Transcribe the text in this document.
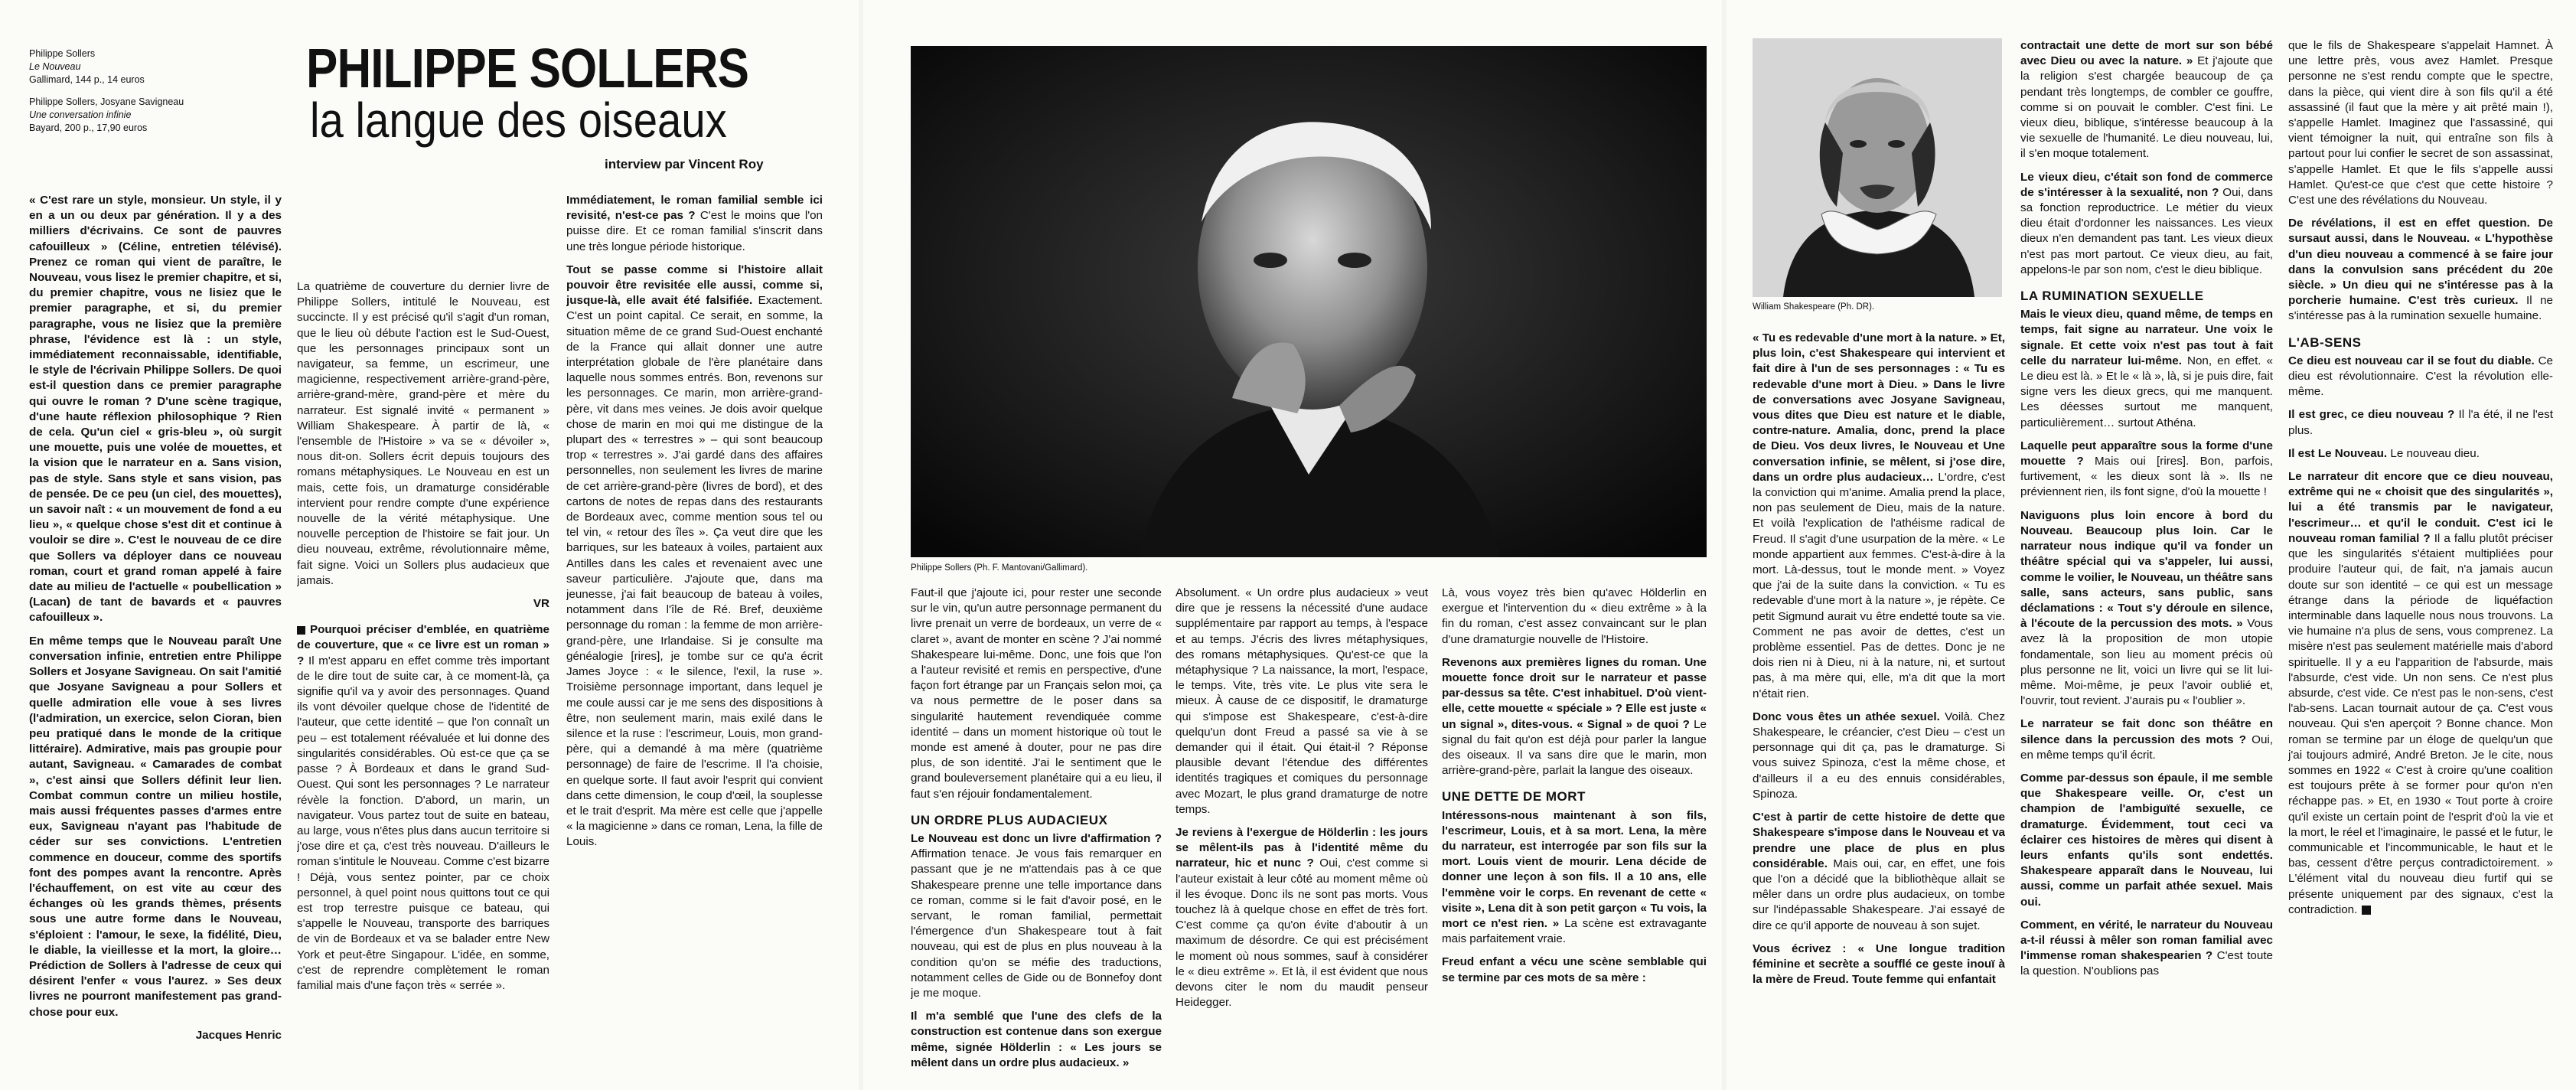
Philippe Sollers
Le Nouveau
Gallimard, 144 p., 14 euros

Philippe Sollers, Josyane Savigneau
Une conversation infinie
Bayard, 200 p., 17,90 euros

PHILIPPE SOLLERS
la langue des oiseaux
interview par Vincent Roy

« C'est rare un style, monsieur. Un style, il y en a un ou deux par génération. Il y a des milliers d'écrivains. Ce sont de pauvres cafouilleux » (Céline, entretien télévisé). Prenez ce roman qui vient de paraître, le Nouveau, vous lisez le premier chapitre, et si, du premier chapitre, vous ne lisiez que le premier paragraphe, et si, du premier paragraphe, vous ne lisiez que la première phrase, l'évidence est là : un style, immédiatement reconnaissable, identifiable, le style de l'écrivain Philippe Sollers. De quoi est-il question dans ce premier paragraphe qui ouvre le roman ? D'une scène tragique, d'une haute réflexion philosophique ? Rien de cela. Qu'un ciel « gris-bleu », où surgit une mouette, puis une volée de mouettes, et la vision que le narrateur en a. Sans vision, pas de style. Sans style et sans vision, pas de pensée. De ce peu (un ciel, des mouettes), un savoir naît : « un mouvement de fond a eu lieu », « quelque chose s'est dit et continue à vouloir se dire ». C'est le nouveau de ce dire que Sollers va déployer dans ce nouveau roman, court et grand roman appelé à faire date au milieu de l'actuelle « poubellication » (Lacan) de tant de bavards et « pauvres cafouilleux ».

En même temps que le Nouveau paraît Une conversation infinie, entretien entre Philippe Sollers et Josyane Savigneau. On sait l'amitié que Josyane Savigneau a pour Sollers et quelle admiration elle voue à ses livres (l'admiration, un exercice, selon Cioran, bien peu pratiqué dans le monde de la critique littéraire). Admirative, mais pas groupie pour autant, Savigneau. « Camarades de combat », c'est ainsi que Sollers définit leur lien. Combat commun contre un milieu hostile, mais aussi fréquentes passes d'armes entre eux, Savigneau n'ayant pas l'habitude de céder sur ses convictions. L'entretien commence en douceur, comme des sportifs font des pompes avant la rencontre. Après l'échauffement, on est vite au cœur des échanges où les grands thèmes, présents sous une autre forme dans le Nouveau, s'éploient : l'amour, le sexe, la fidélité, Dieu, le diable, la vieillesse et la mort, la gloire… Prédiction de Sollers à l'adresse de ceux qui désirent l'enfer « vous l'aurez. » Ses deux livres ne pourront manifestement pas grand-chose pour eux.

Jacques Henric

La quatrième de couverture du dernier livre de Philippe Sollers, intitulé le Nouveau, est succincte. Il y est précisé qu'il s'agit d'un roman, que le lieu où débute l'action est le Sud-Ouest, que les personnages principaux sont un navigateur, sa femme, un escrimeur, une magicienne, respectivement arrière-grand-père, arrière-grand-mère, grand-père et mère du narrateur. Est signalé invité « permanent » William Shakespeare. À partir de là, « l'ensemble de l'Histoire » va se « dévoiler », nous dit-on. Sollers écrit depuis toujours des romans métaphysiques. Le Nouveau en est un mais, cette fois, un dramaturge considérable intervient pour rendre compte d'une expérience nouvelle de la vérité métaphysique. Une nouvelle perception de l'histoire se fait jour. Un dieu nouveau, extrême, révolutionnaire même, fait signe. Voici un Sollers plus audacieux que jamais.

VR

Pourquoi préciser d'emblée, en quatrième de couverture, que « ce livre est un roman » ? Il m'est apparu en effet comme très important de le dire tout de suite car, à ce moment-là, ça signifie qu'il va y avoir des personnages. Quand ils vont dévoiler quelque chose de l'identité de l'auteur, que cette identité – que l'on connaît un peu – est totalement réévaluée et lui donne des singularités considérables. Où est-ce que ça se passe ? À Bordeaux et dans le grand Sud-Ouest. Qui sont les personnages ? Le narrateur révèle la fonction. D'abord, un marin, un navigateur. Vous partez tout de suite en bateau, au large, vous n'êtes plus dans aucun territoire si j'ose dire et ça, c'est très nouveau. D'ailleurs le roman s'intitule le Nouveau. Comme c'est bizarre ! Déjà, vous sentez pointer, par ce choix personnel, à quel point nous quittons tout ce qui est trop terrestre puisque ce bateau, qui s'appelle le Nouveau, transporte des barriques de vin de Bordeaux et va se balader entre New York et peut-être Singapour. L'idée, en somme, c'est de reprendre complètement le roman familial mais d'une façon très « serrée ».

Immédiatement, le roman familial semble ici revisité, n'est-ce pas ? C'est le moins que l'on puisse dire. Et ce roman familial s'inscrit dans une très longue période historique.

Tout se passe comme si l'histoire allait pouvoir être revisitée elle aussi, comme si, jusque-là, elle avait été falsifiée. Exactement. C'est un point capital. Ce serait, en somme, la situation même de ce grand Sud-Ouest enchanté de la France qui allait donner une autre interprétation globale de l'ère planétaire dans laquelle nous sommes entrés. Bon, revenons sur les personnages. Ce marin, mon arrière-grand-père, vit dans mes veines. Je dois avoir quelque chose de marin en moi qui me distingue de la plupart des « terrestres » – qui sont beaucoup trop « terrestres ». J'ai gardé dans des affaires personnelles, non seulement les livres de marine de cet arrière-grand-père (livres de bord), et des cartons de notes de repas dans des restaurants de Bordeaux avec, comme mention sous tel ou tel vin, « retour des îles ». Ça veut dire que les barriques, sur les bateaux à voiles, partaient aux Antilles dans les cales et revenaient avec une saveur particulière. J'ajoute que, dans ma jeunesse, j'ai fait beaucoup de bateau à voiles, notamment dans l'île de Ré. Bref, deuxième personnage du roman : la femme de mon arrière-grand-père, une Irlandaise. Si je consulte ma généalogie [rires], je tombe sur ce qu'a écrit James Joyce : « le silence, l'exil, la ruse ». Troisième personnage important, dans lequel je me coule aussi car je me sens des dispositions à être, non seulement marin, mais exilé dans le silence et la ruse : l'escrimeur, Louis, mon grand-père, qui a demandé à ma mère (quatrième personnage) de faire de l'escrime. Il l'a choisie, en quelque sorte. Il faut avoir l'esprit qui convient dans cette dimension, le coup d'œil, la souplesse et le trait d'esprit. Ma mère est celle que j'appelle « la magicienne » dans ce roman, Lena, la fille de Louis.

Philippe Sollers (Ph. F. Mantovani/Gallimard).

Faut-il que j'ajoute ici, pour rester une seconde sur le vin, qu'un autre personnage permanent du livre prenait un verre de bordeaux, un verre de « claret », avant de monter en scène ? J'ai nommé Shakespeare lui-même. Donc, une fois que l'on a l'auteur revisité et remis en perspective, d'une façon fort étrange par un Français selon moi, ça va nous permettre de le poser dans sa singularité hautement revendiquée comme identité – dans un moment historique où tout le monde est amené à douter, pour ne pas dire plus, de son identité. J'ai le sentiment que le grand bouleversement planétaire qui a eu lieu, il faut s'en réjouir fondamentalement.

UN ORDRE PLUS AUDACIEUX

Le Nouveau est donc un livre d'affirmation ? Affirmation tenace. Je vous fais remarquer en passant que je ne m'attendais pas à ce que Shakespeare prenne une telle importance dans ce roman, comme si le fait d'avoir posé, en le servant, le roman familial, permettait l'émergence d'un Shakespeare tout à fait nouveau, qui est de plus en plus nouveau à la condition qu'on se méfie des traductions, notamment celles de Gide ou de Bonnefoy dont je me moque.

Il m'a semblé que l'une des clefs de la construction est contenue dans son exergue même, signée Hölderlin : « Les jours se mêlent dans un ordre plus audacieux. »

Absolument. « Un ordre plus audacieux » veut dire que je ressens la nécessité d'une audace supplémentaire par rapport au temps, à l'espace et au temps. J'écris des livres métaphysiques, des romans métaphysiques. Qu'est-ce que la métaphysique ? La naissance, la mort, l'espace, le temps. Vite, très vite. Le plus vite sera le mieux. À cause de ce dispositif, le dramaturge qui s'impose est Shakespeare, c'est-à-dire quelqu'un dont Freud a passé sa vie à se demander qui il était. Qui était-il ? Réponse plausible devant l'étendue des différentes identités tragiques et comiques du personnage avec Mozart, le plus grand dramaturge de notre temps.

Je reviens à l'exergue de Hölderlin : les jours se mêlent-ils pas à l'identité même du narrateur, hic et nunc ? Oui, c'est comme si l'auteur existait à leur côté au moment même où il les évoque. Donc ils ne sont pas morts. Vous touchez là à quelque chose en effet de très fort. C'est comme ça qu'on évite d'aboutir à un maximum de désordre. Ce qui est précisément le moment où nous sommes, sauf à considérer le « dieu extrême ». Et là, il est évident que nous devons citer le nom du maudit penseur Heidegger.

Là, vous voyez très bien qu'avec Hölderlin en exergue et l'intervention du « dieu extrême » à la fin du roman, c'est assez convaincant sur le plan d'une dramaturgie nouvelle de l'Histoire.

Revenons aux premières lignes du roman. Une mouette fonce droit sur le narrateur et passe par-dessus sa tête. C'est inhabituel. D'où vient-elle, cette mouette « spéciale » ? Elle est juste « un signal », dites-vous. « Signal » de quoi ? Le signal du fait qu'on est déjà pour parler la langue des oiseaux. Il va sans dire que le marin, mon arrière-grand-père, parlait la langue des oiseaux.

UNE DETTE DE MORT

Intéressons-nous maintenant à son fils, l'escrimeur, Louis, et à sa mort. Lena, la mère du narrateur, est interrogée par son fils sur la mort. Louis vient de mourir. Lena décide de donner une leçon à son fils. Il a 10 ans, elle l'emmène voir le corps. En revenant de cette « visite », Lena dit à son petit garçon « Tu vois, la mort ce n'est rien. » La scène est extravagante mais parfaitement vraie.

Freud enfant a vécu une scène semblable qui se termine par ces mots de sa mère :

William Shakespeare (Ph. DR).

« Tu es redevable d'une mort à la nature. » Et, plus loin, c'est Shakespeare qui intervient et fait dire à l'un de ses personnages : « Tu es redevable d'une mort à Dieu. » Dans le livre de conversations avec Josyane Savigneau, vous dites que Dieu est nature et le diable, contre-nature. Amalia, donc, prend la place de Dieu. Vos deux livres, le Nouveau et Une conversation infinie, se mêlent, si j'ose dire, dans un ordre plus audacieux… L'ordre, c'est la conviction qui m'anime. Amalia prend la place, non pas seulement de Dieu, mais de la nature. Et voilà l'explication de l'athéisme radical de Freud. Il s'agit d'une usurpation de la mère. « Le monde appartient aux femmes. C'est-à-dire à la mort. Là-dessus, tout le monde ment. » Voyez que j'ai de la suite dans la conviction. « Tu es redevable d'une mort à la nature », je répète. Ce petit Sigmund aurait vu être endetté toute sa vie. Comment ne pas avoir de dettes, c'est un problème essentiel. Pas de dettes. Donc je ne dois rien ni à Dieu, ni à la nature, ni, et surtout pas, à ma mère qui, elle, m'a dit que la mort n'était rien.

Donc vous êtes un athée sexuel. Voilà. Chez Shakespeare, le créancier, c'est Dieu – c'est un personnage qui dit ça, pas le dramaturge. Si vous suivez Spinoza, c'est la même chose, et d'ailleurs il a eu des ennuis considérables, Spinoza.

C'est à partir de cette histoire de dette que Shakespeare s'impose dans le Nouveau et va prendre une place de plus en plus considérable. Mais oui, car, en effet, une fois que l'on a décidé que la bibliothèque allait se mêler dans un ordre plus audacieux, on tombe sur l'indépassable Shakespeare. J'ai essayé de dire ce qu'il apporte de nouveau à son sujet.

Vous écrivez : « Une longue tradition féminine et secrète a soufflé ce geste inouï à la mère de Freud. Toute femme qui enfantait

contractait une dette de mort sur son bébé avec Dieu ou avec la nature. » Et j'ajoute que la religion s'est chargée beaucoup de ça pendant très longtemps, de combler ce gouffre, comme si on pouvait le combler. C'est fini. Le vieux dieu, biblique, s'intéresse beaucoup à la vie sexuelle de l'humanité. Le dieu nouveau, lui, il s'en moque totalement.

Le vieux dieu, c'était son fond de commerce de s'intéresser à la sexualité, non ? Oui, dans sa fonction reproductrice. Le métier du vieux dieu était d'ordonner les naissances. Les vieux dieux n'en demandent pas tant. Les vieux dieux n'est pas mort partout. Ce vieux dieu, au fait, appelons-le par son nom, c'est le dieu biblique.

LA RUMINATION SEXUELLE

Mais le vieux dieu, quand même, de temps en temps, fait signe au narrateur. Une voix le signale. Et cette voix n'est pas tout à fait celle du narrateur lui-même. Non, en effet. « Le dieu est là. » Et le « là », là, si je puis dire, fait signe vers les dieux grecs, qui me manquent. Les déesses surtout me manquent, particulièrement… surtout Athéna.

Laquelle peut apparaître sous la forme d'une mouette ? Mais oui [rires]. Bon, parfois, furtivement, « les dieux sont là ». Ils ne préviennent rien, ils font signe, d'où la mouette !

Naviguons plus loin encore à bord du Nouveau. Beaucoup plus loin. Car le narrateur nous indique qu'il va fonder un théâtre spécial qui va s'appeler, lui aussi, comme le voilier, le Nouveau, un théâtre sans salle, sans acteurs, sans public, sans déclamations : « Tout s'y déroule en silence, à l'écoute de la percussion des mots. » Vous avez là la proposition de mon utopie fondamentale, son lieu au moment précis où plus personne ne lit, voici un livre qui se lit lui-même. Moi-même, je peux l'avoir oublié et, l'ouvrir, tout revient. J'aurais pu « l'oublier ».

Le narrateur se fait donc son théâtre en silence dans la percussion des mots ? Oui, en même temps qu'il écrit.

Comme par-dessus son épaule, il me semble que Shakespeare veille. Or, c'est un champion de l'ambiguïté sexuelle, ce dramaturge. Évidemment, tout ceci va éclairer ces histoires de mères qui disent à leurs enfants qu'ils sont endettés. Shakespeare apparaît dans le Nouveau, lui aussi, comme un parfait athée sexuel. Mais oui.

Comment, en vérité, le narrateur du Nouveau a-t-il réussi à mêler son roman familial avec l'immense roman shakespearien ? C'est toute la question. N'oublions pas

que le fils de Shakespeare s'appelait Hamnet. À une lettre près, vous avez Hamlet. Presque personne ne s'est rendu compte que le spectre, dans la pièce, qui vient dire à son fils qu'il a été assassiné (il faut que la mère y ait prêté main !), s'appelle Hamlet. Imaginez que l'assassiné, qui vient témoigner la nuit, qui entraîne son fils à partout pour lui confier le secret de son assassinat, s'appelle Hamlet. Et que le fils s'appelle aussi Hamlet. Qu'est-ce que c'est que cette histoire ? C'est une des révélations du Nouveau.

De révélations, il est en effet question. De sursaut aussi, dans le Nouveau. « L'hypothèse d'un dieu nouveau a commencé à se faire jour dans la convulsion sans précédent du 20e siècle. » Un dieu qui ne s'intéresse pas à la porcherie humaine. C'est très curieux. Il ne s'intéresse pas à la rumination sexuelle humaine.

L'AB-SENS

Ce dieu est nouveau car il se fout du diable. Ce dieu est révolutionnaire. C'est la révolution elle-même.

Il est grec, ce dieu nouveau ? Il l'a été, il ne l'est plus.

Il est Le Nouveau. Le nouveau dieu.

Le narrateur dit encore que ce dieu nouveau, extrême qui ne « choisit que des singularités », lui a été transmis par le navigateur, l'escrimeur… et qu'il le conduit. C'est ici le nouveau roman familial ? Il a fallu plutôt préciser que les singularités s'étaient multipliées pour produire l'auteur qui, de fait, n'a jamais aucun doute sur son identité – ce qui est un message étrange dans la période de liquéfaction interminable dans laquelle nous nous trouvons. La vie humaine n'a plus de sens, vous comprenez. La misère n'est pas seulement matérielle mais d'abord spirituelle. Il y a eu l'apparition de l'absurde, mais l'absurde, c'est vide. Un non sens. Ce n'est plus absurde, c'est vide. Ce n'est pas le non-sens, c'est l'ab-sens. Lacan tournait autour de ça. C'est vous nouveau. Qui s'en aperçoit ? Bonne chance. Mon roman se termine par un éloge de quelqu'un que j'ai toujours admiré, André Breton. Je le cite, nous sommes en 1922 « C'est à croire qu'une coalition est toujours prête à se former pour qu'on n'en réchappe pas. » Et, en 1930 « Tout porte à croire qu'il existe un certain point de l'esprit d'où la vie et la mort, le réel et l'imaginaire, le passé et le futur, le communicable et l'incommunicable, le haut et le bas, cessent d'être perçus contradictoirement. » L'élément vital du nouveau dieu furtif qui se présente uniquement par des signaux, c'est la contradiction.
